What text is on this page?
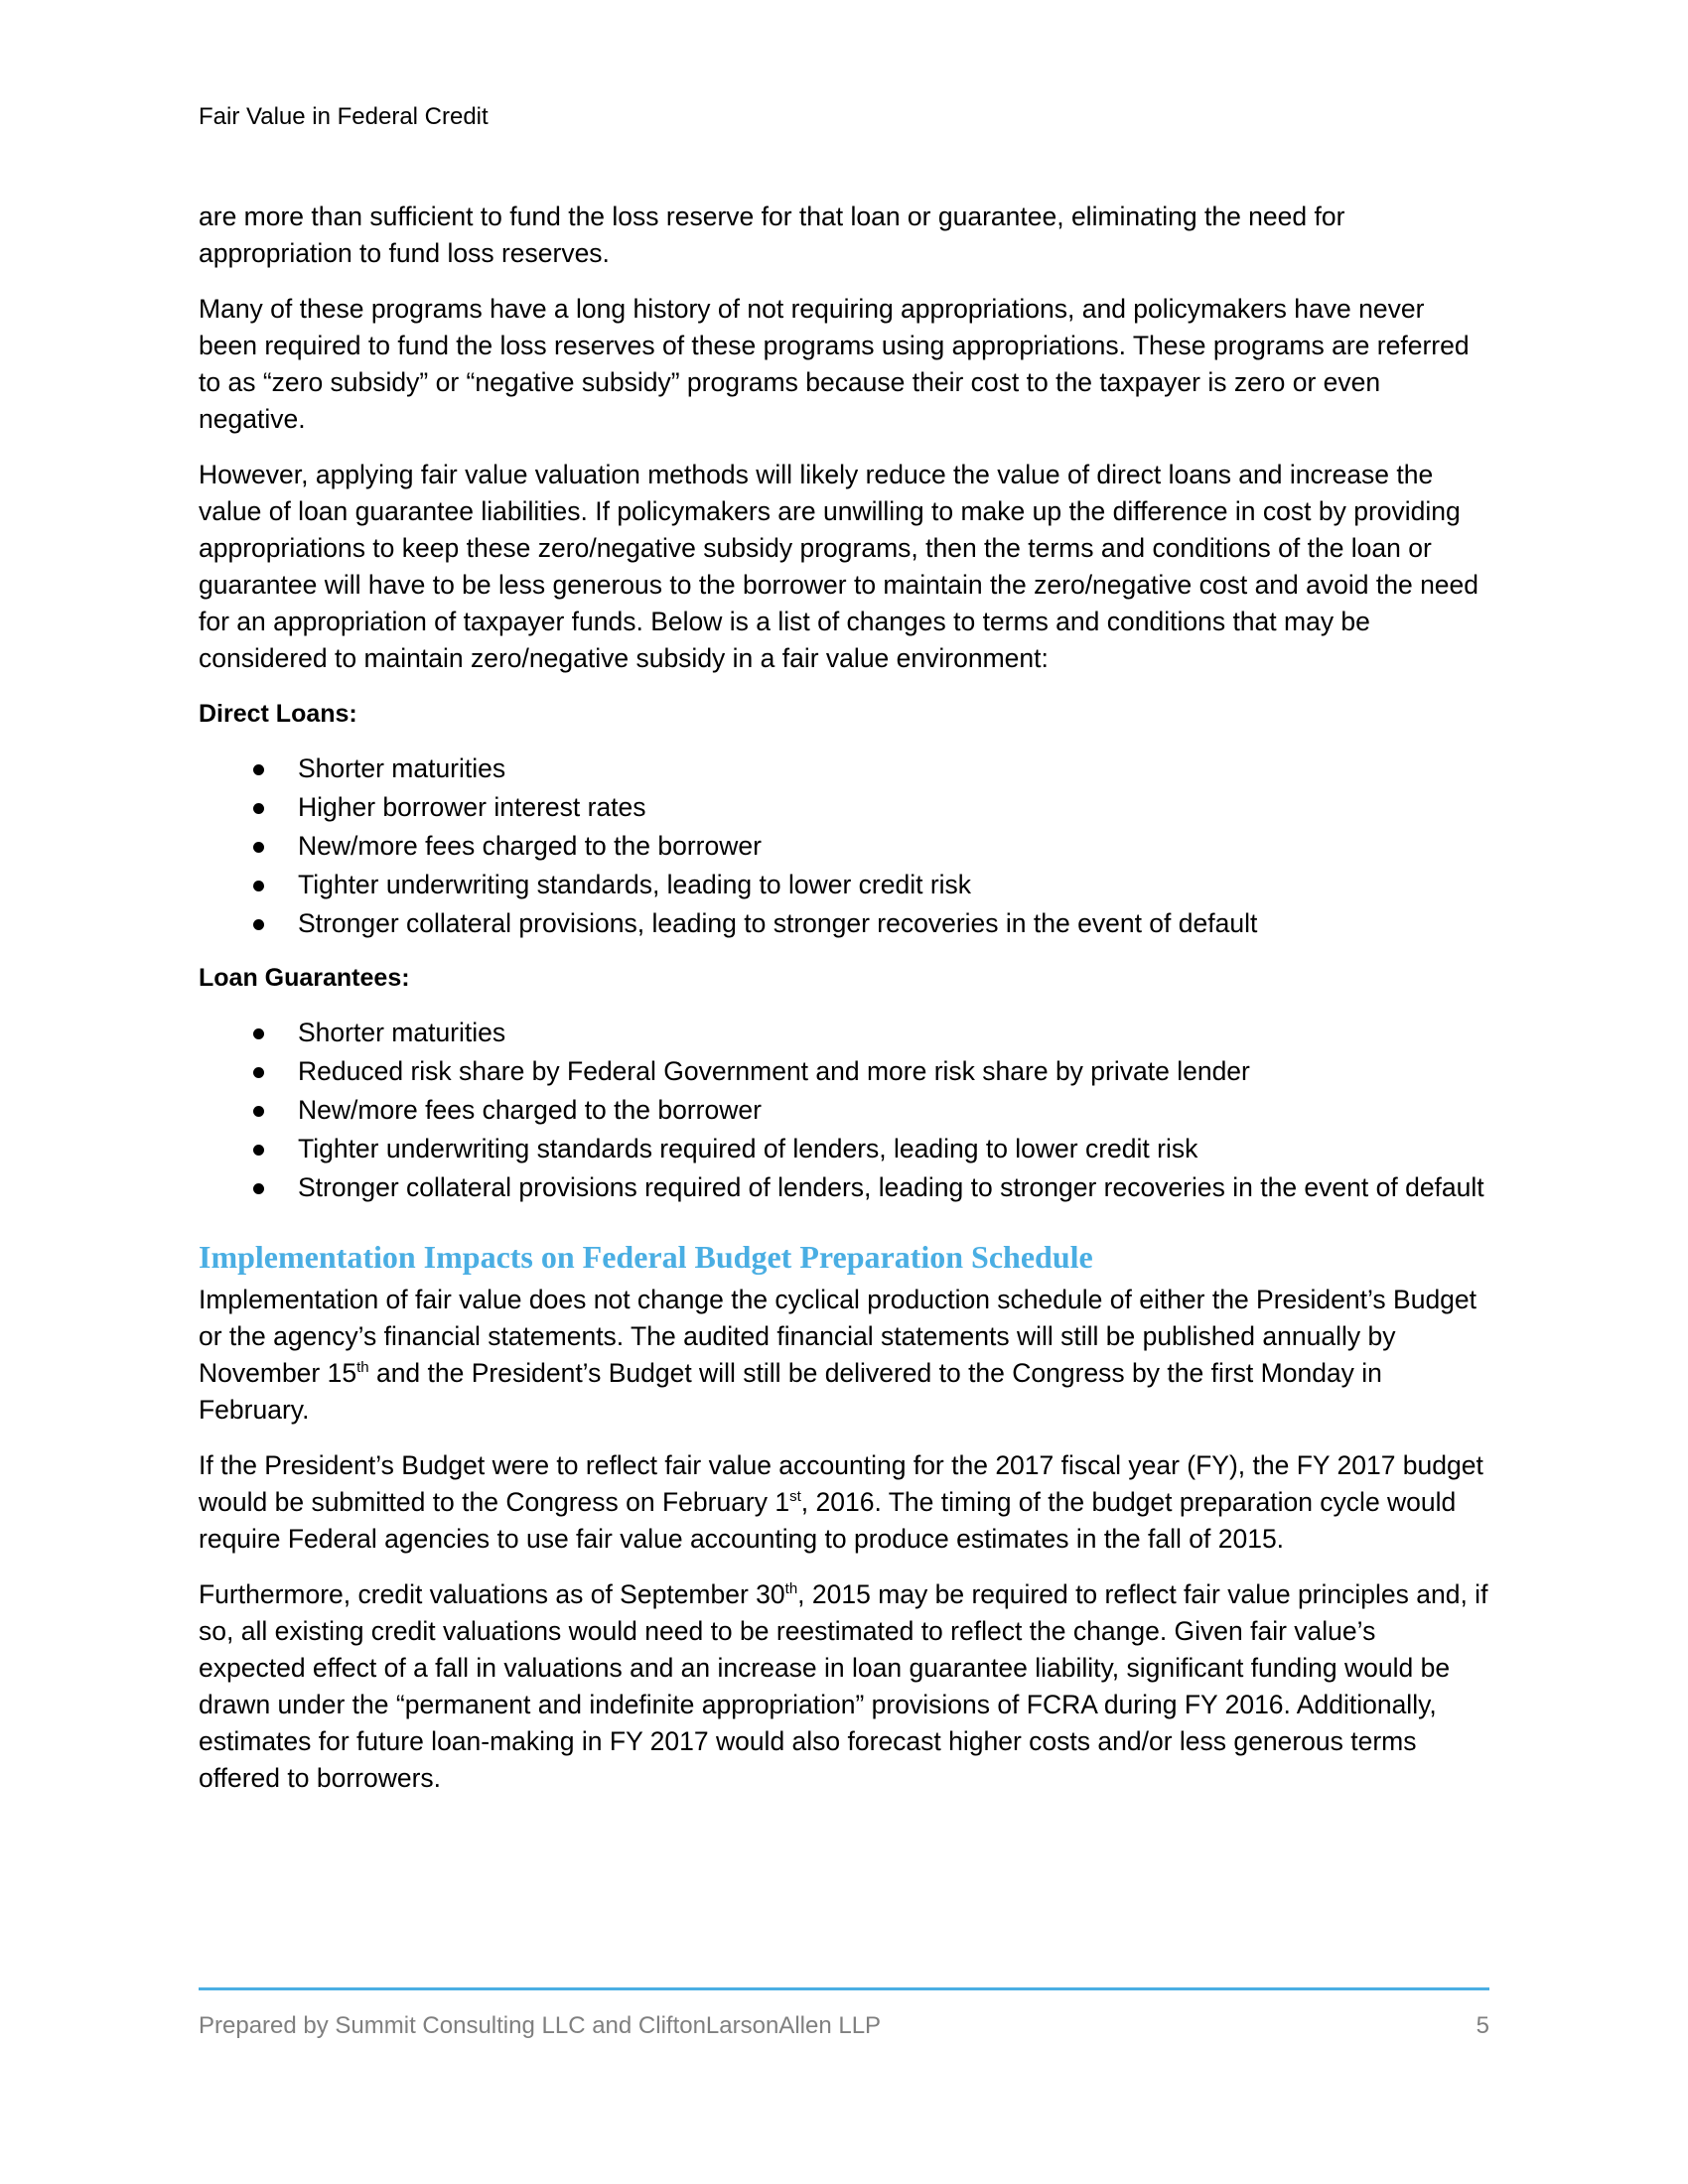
Fair Value in Federal Credit

are more than sufficient to fund the loss reserve for that loan or guarantee, eliminating the need for appropriation to fund loss reserves.

Many of these programs have a long history of not requiring appropriations, and policymakers have never been required to fund the loss reserves of these programs using appropriations. These programs are referred to as “zero subsidy” or “negative subsidy” programs because their cost to the taxpayer is zero or even negative.

However, applying fair value valuation methods will likely reduce the value of direct loans and increase the value of loan guarantee liabilities. If policymakers are unwilling to make up the difference in cost by providing appropriations to keep these zero/negative subsidy programs, then the terms and conditions of the loan or guarantee will have to be less generous to the borrower to maintain the zero/negative cost and avoid the need for an appropriation of taxpayer funds. Below is a list of changes to terms and conditions that may be considered to maintain zero/negative subsidy in a fair value environment:

Direct Loans:
Shorter maturities
Higher borrower interest rates
New/more fees charged to the borrower
Tighter underwriting standards, leading to lower credit risk
Stronger collateral provisions, leading to stronger recoveries in the event of default
Loan Guarantees:
Shorter maturities
Reduced risk share by Federal Government and more risk share by private lender
New/more fees charged to the borrower
Tighter underwriting standards required of lenders, leading to lower credit risk
Stronger collateral provisions required of lenders, leading to stronger recoveries in the event of default
Implementation Impacts on Federal Budget Preparation Schedule

Implementation of fair value does not change the cyclical production schedule of either the President’s Budget or the agency’s financial statements. The audited financial statements will still be published annually by November 15th and the President’s Budget will still be delivered to the Congress by the first Monday in February.

If the President’s Budget were to reflect fair value accounting for the 2017 fiscal year (FY), the FY 2017 budget would be submitted to the Congress on February 1st, 2016. The timing of the budget preparation cycle would require Federal agencies to use fair value accounting to produce estimates in the fall of 2015.

Furthermore, credit valuations as of September 30th, 2015 may be required to reflect fair value principles and, if so, all existing credit valuations would need to be reestimated to reflect the change. Given fair value’s expected effect of a fall in valuations and an increase in loan guarantee liability, significant funding would be drawn under the “permanent and indefinite appropriation” provisions of FCRA during FY 2016. Additionally, estimates for future loan-making in FY 2017 would also forecast higher costs and/or less generous terms offered to borrowers.

Prepared by Summit Consulting LLC and CliftonLarsonAllen LLP	5
